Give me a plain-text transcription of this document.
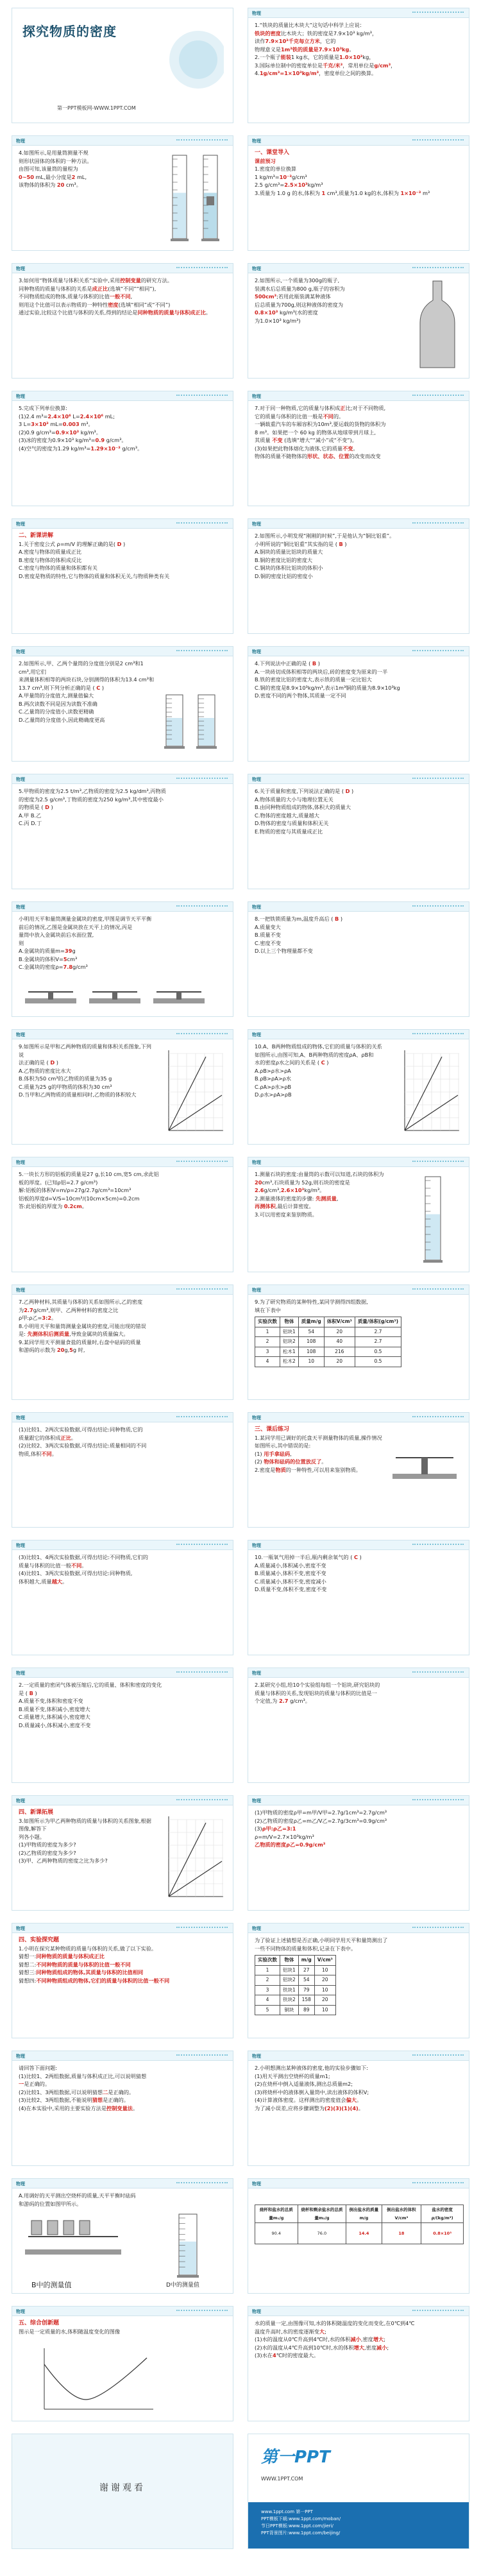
探究物质的密度
第一PPT模板网-WWW.1PPT.COM
物理
1.“铁块的质量比木块大”这句话中科学上应说：
铁块的密度比木块大；铁的密度是7.9×10³ kg/m³，
读作7.9×10³千克每立方米，它的
物理意义是1m³铁的质量是7.9×10³kg。
2.一个瓶子能装1 kg水，它的质量是1.0×10³kg，
3.国际单位制中的密度单位是千克/米³，常用单位是g/cm³，
4.1g/cm³=1×10³kg/m³，密度单位之间的换算。
物理
4.如图所示,是用量筒测量不规
则形状固体的体积的一种方法。
由图可知,该量筒的量程为
0~50 mL,最小分度是2 mL,
该物体的体积为 20 cm³。
物理
一、课堂导入
课前预习
1.密度的单位换算
1 kg/m³=10⁻³g/cm³
2.5 g/cm³=2.5×10³kg/m³
3.质量为 1.0 g 的水,体积为 1 cm³,质量为1.0 kg的水,体积为 1×10⁻³ m³
物理
3.如何用“物体质量与体积关系”实验中,采用控制变量的研究方法。
同种物质的质量与体积的关系是成正比(选填“不同”“相同”),
不同物质组成的物体,质量与体积的比值一般不同,
则用这个比值可以表示物质的一种特性密度(选填“相同”或“不同”)
通过实验,比较这个比值与体积的关系,得到的结论是同种物质的质量与体积成正比。
物理
2.如图所示,一个质量为300g的瓶子,
装满水后总质量为800 g,瓶子的容积为
500cm³;若用此瓶装满某种液体
后总质量为700g,则这种液体的密度为
0.8×10³ kg/m³(水的密度
为1.0×10³ kg/m³)
物理
5.完成下列单位换算:
(1)2.4 m³=2.4×10⁶ L=2.4×10⁶ mL;
3 L=3×10³ mL=0.003 m³。
(2)0.9 g/cm³=0.9×10³ kg/m³。
(3)冰的密度为0.9×10³ kg/m³=0.9 g/cm³。
(4)空气的密度为1.29 kg/m³=1.29×10⁻³ g/cm³。
物理
7.对于同一种物质,它的质量与体积成正比;对于不同物质,
它的质量与体积的比值一般是不同的。
一辆载重汽车的车厢容积为10m³,要运载的货物的体积为
8 m³。如果把一个 60 kg 的物体从地球带到月球上,
其质量 不变 (选填“增大”“减小”或“不变”)。
(3)如果把此物体熔化为液体,它的质量不变。
物体的质量不随物体的形状、状态、位置的改变而改变
物理
二、新课讲解
1.关于密度公式 ρ=m/V 的理解正确的是( D )
A.密度与物体的质量成正比
B.密度与物体的体积成反比
C.密度与物体的质量和体积都有关
D.密度是物质的特性,它与物体的质量和体积无关,与物质种类有关
物理
2.如图所示,小明发现“刚刚的时候”,于是他认为“铜比铝重”。
小明所说的“铜比铝重”其实指的是 ( B )
A.铜块的质量比铝块的质量大
B.铜的密度比铝的密度大
C.铜块的体积比铝块的体积小
D.铜的密度比铝的密度小
物理
2.如图所示,甲、乙两个量筒的分度值分别是2 cm³和1 cm³,用它们
来测量体积相等的两块石块,分别测得的体积为13.4 cm³和
13.7 cm³,则下列分析正确的是 ( C )
A.甲量筒的分度值大,测量值偏大
B.两次读数不同是因为读数不准确
C.乙量筒的分度值小,读数更精确
D.乙量筒的分度值小,因此精确度更高
物理
4.下列说法中正确的是 ( B )
A.一块砖切成体积相等的两块后,砖的密度变为原来的一半
B.铁的密度比铝的密度大,表示铁的质量一定比铝大
C.铜的密度是8.9×10³kg/m³,表示1m³铜的质量为8.9×10³kg
D.密度不同的两个物体,其质量一定不同
物理
5.甲物质的密度为2.5 t/m³,乙物质的密度为2.5 kg/dm³,丙物质
的密度为2.5 g/cm³,丁物质的密度为250 kg/m³,其中密度最小
的物质是 ( D )
A.甲 B.乙
C.丙 D.丁
物理
6.关于质量和密度,下列说法正确的是 ( D )
A.物体质量的大小与地理位置无关
B.由同种物质组成的物体,体积大的质量大
C.物体的密度越大,质量越大
D.物体的密度与质量和体积无关
E.物质的密度与其质量成正比
物理
小明用天平和量筒测量金属块的密度,甲图是调节天平平衡
前后的情况,乙图是金属块放在天平上的情况,丙是
量筒中放入金属块前后水面位置,
则
A.金属块的质量m=39g
B.金属块的体积V=5cm³
C.金属块的密度ρ=7.8g/cm³
物理
8.一把铁锁质量为m,温度升高后 ( B )
A.质量变大
B.质量不变
C.密度不变
D.以上三个物理量都不变
物理
9.如图所示是甲和乙两种物质的质量和体积关系图象,下列说
法正确的是 ( D )
A.乙物质的密度比水大
B.体积为50 cm³的乙物质的质量为35 g
C.质量为25 g的甲物质的体积为30 cm³
D.当甲和乙两物质的质量相同时,乙物质的体积较大
物理
10.A、B两种物质组成的物体,它们的质量与体积的关系
如图所示,由图可知,A、B两种物质的密度ρA、ρB和
水的密度ρ水之间的关系是 ( C )
A.ρB>ρ水>ρA
B.ρB>ρA>ρ水
C.ρA>ρ水>ρB
D.ρ水>ρA>ρB
物理
5.一块长方形的铝板的质量是27 g,长10 cm,宽5 cm,求此铝
板的厚度。(已知ρ铝=2.7 g/cm³)
解:铝板的体积V=m/ρ=27g/2.7g/cm³=10cm³
铝板的厚度d=V/S=10cm³/(10cm×5cm)=0.2cm
答:此铝板的厚度为 0.2cm。
物理
1.测量石块的密度:由量筒的示数可以知道,石块的体积为
20cm³,石块质量为 52g,则石块的密度是
2.6g/cm³,2.6×10³kg/m³。
2.测量液体的密度的步骤: 先测质量,
再测体积,最后计算密度。
3.可以用密度来鉴别物质。
物理
7.乙两种材料,其质量与体积的关系如图所示,乙的密度
为2.7g/cm³,则甲、乙两种材料的密度之比
ρ甲:ρ乙=3:2。
8.小明用天平和量筒测量金属块的密度,可能出现的错误
是: 先测体积后测质量,导致金属块的质量偏大。
9.某同学用天平测量食盐的质量时,右盘中砝码的质量
和游码的示数为 20g,5g 时,
物理
9.为了研究物质的某种特性,某同学测得四组数据,
填在下表中
实验次数	物体	质量m/g	体积V/cm³	质量/体积(g/cm³)
1	铝块1	54	20	2.7
2	铝块2	108	40	2.7
3	松木1	108	216	0.5
4	松木2	10	20	0.5
物理
(1)比较1、2两次实验数据,可得出结论:同种物质,它的
质量跟它的体积成正比。
(2)比较2、3两次实验数据,可得出结论:质量相同的不同
物质,体积不同。
物理
三、课后练习
1.某同学用已调好的托盘天平测量物体的质量,操作情况
如图所示,其中错误的是:
(1) 用手拿砝码,
(2) 物体和砝码的位置放反了。
2.密度是物质的一种特性,可以用来鉴别物质。
物理
(3)比较1、4两次实验数据,可得出结论:不同物质,它们的
质量与体积的比值一般不同。
(4)比较1、3两次实验数据,可得出结论:同种物质,
体积越大,质量越大。
物理
10.一瓶氧气用掉一半后,瓶内剩余氧气的 ( C )
A.质量减小,体积减小,密度不变
B.质量减小,体积不变,密度不变
C.质量减小,体积不变,密度减小
D.质量不变,体积不变,密度不变
物理
2.一定质量的密闭气体被压缩后,它的质量、体积和密度的变化
是 ( B )
A.质量不变,体积和密度不变
B.质量不变,体积减小,密度增大
C.质量增大,体积减小,密度增大
D.质量减小,体积减小,密度不变
物理
2.某研究小组,给10个实验组每组一个铝块,研究铝块的
质量与体积的关系,发现铝块的质量与体积的比值是一
个定值,为 2.7 g/cm³。
物理
四、新课拓展
3.如图所示为甲乙两种物质的质量与体积的关系图象,根据图像,解答下
列各小题。
(1)甲物质的密度为多少?
(2)乙物质的密度为多少?
(3)甲、乙两种物质的密度之比为多少?
物理
(1)甲物质的密度ρ甲=m甲/V甲=2.7g/1cm³=2.7g/cm³
(2)乙物质的密度ρ乙=m乙/V乙=2.7g/3cm³=0.9g/cm³
(3)ρ甲:ρ乙=3:1
ρ=m/V=2.7×10³kg/m³
乙物质的密度ρ乙=0.9g/cm³
物理
四、实验探究题
1.小明在探究某种物质的质量与体积的关系,做了以下实验。
猜想一:同种物质的质量与体积成正比
猜想二:不同种物质的质量与体积的比值一般不同
猜想三:同种物质组成的物体,其质量与体积的比值相同
猜想四:不同种物质组成的物体,它们的质量与体积的比值一般不同
物理
为了验证上述猜想是否正确,小明同学用天平和量筒测出了
一些不同物体的质量和体积,记录在下表中。
实验次数	物体	m/g	V/cm³
1	铝块1	27	10
2	铝块2	54	20
3	铁块1	79	10
4	铁块2	158	20
5	铜块	89	10
物理
请回答下面问题:
(1)比较1、2两组数据,质量与体积成正比,可以说明猜想
一是正确的。
(2)比较1、3两组数据,可以说明猜想二是正确的。
(3)比较2、3两组数据,不能说明猜想是正确的。
(4)在本实验中,采用的主要实验方法是控制变量法。
物理
2.小明想测出某种液体的密度,他的实验步骤如下:
(1)用天平测出空烧杯的质量m1;
(2)在烧杯中倒入适量液体,测出总质量m2;
(3)将烧杯中的液体倒入量筒中,读出液体的体积V;
(4)计算液体密度。这样测出的密度值会偏大。
为了减小误差,应将步骤调整为(2)(3)(1)(4)。
物理
A.用调好的天平测出空烧杯的质量,天平平衡时砝码
和游码的位置如图甲所示。
B中的测量值	D中的测量值
物理
烧杯和盐水的总质量m₁/g	烧杯和剩余盐水的总质量m₂/g	倒出盐水的质量m/g	倒出盐水的体积V/cm³	盐水的密度ρ/(kg/m³)
90.4	76.0	14.4	18	0.8×10³
物理
五、综合创新题
图示是一定质量的水,体积随温度变化的图像
物理
水的质量一定,由图像可知,水的体积随温度的变化而变化,在0℃到4℃
温度升高时,水的密度逐渐变大;
(1)水的温度从0℃升高到4℃时,水的体积减小,密度增大;
(2)水的温度从4℃升高到10℃时,水的体积增大,密度减小;
(3)水在4℃时的密度最大。
谢谢观看
第一PPT
WWW.1PPT.COM
www.1ppt.com 第一PPT
PPT模板下载:www.1ppt.com/moban/
节日PPT模板:www.1ppt.com/jieri/
PPT背景图片:www.1ppt.com/beijing/
